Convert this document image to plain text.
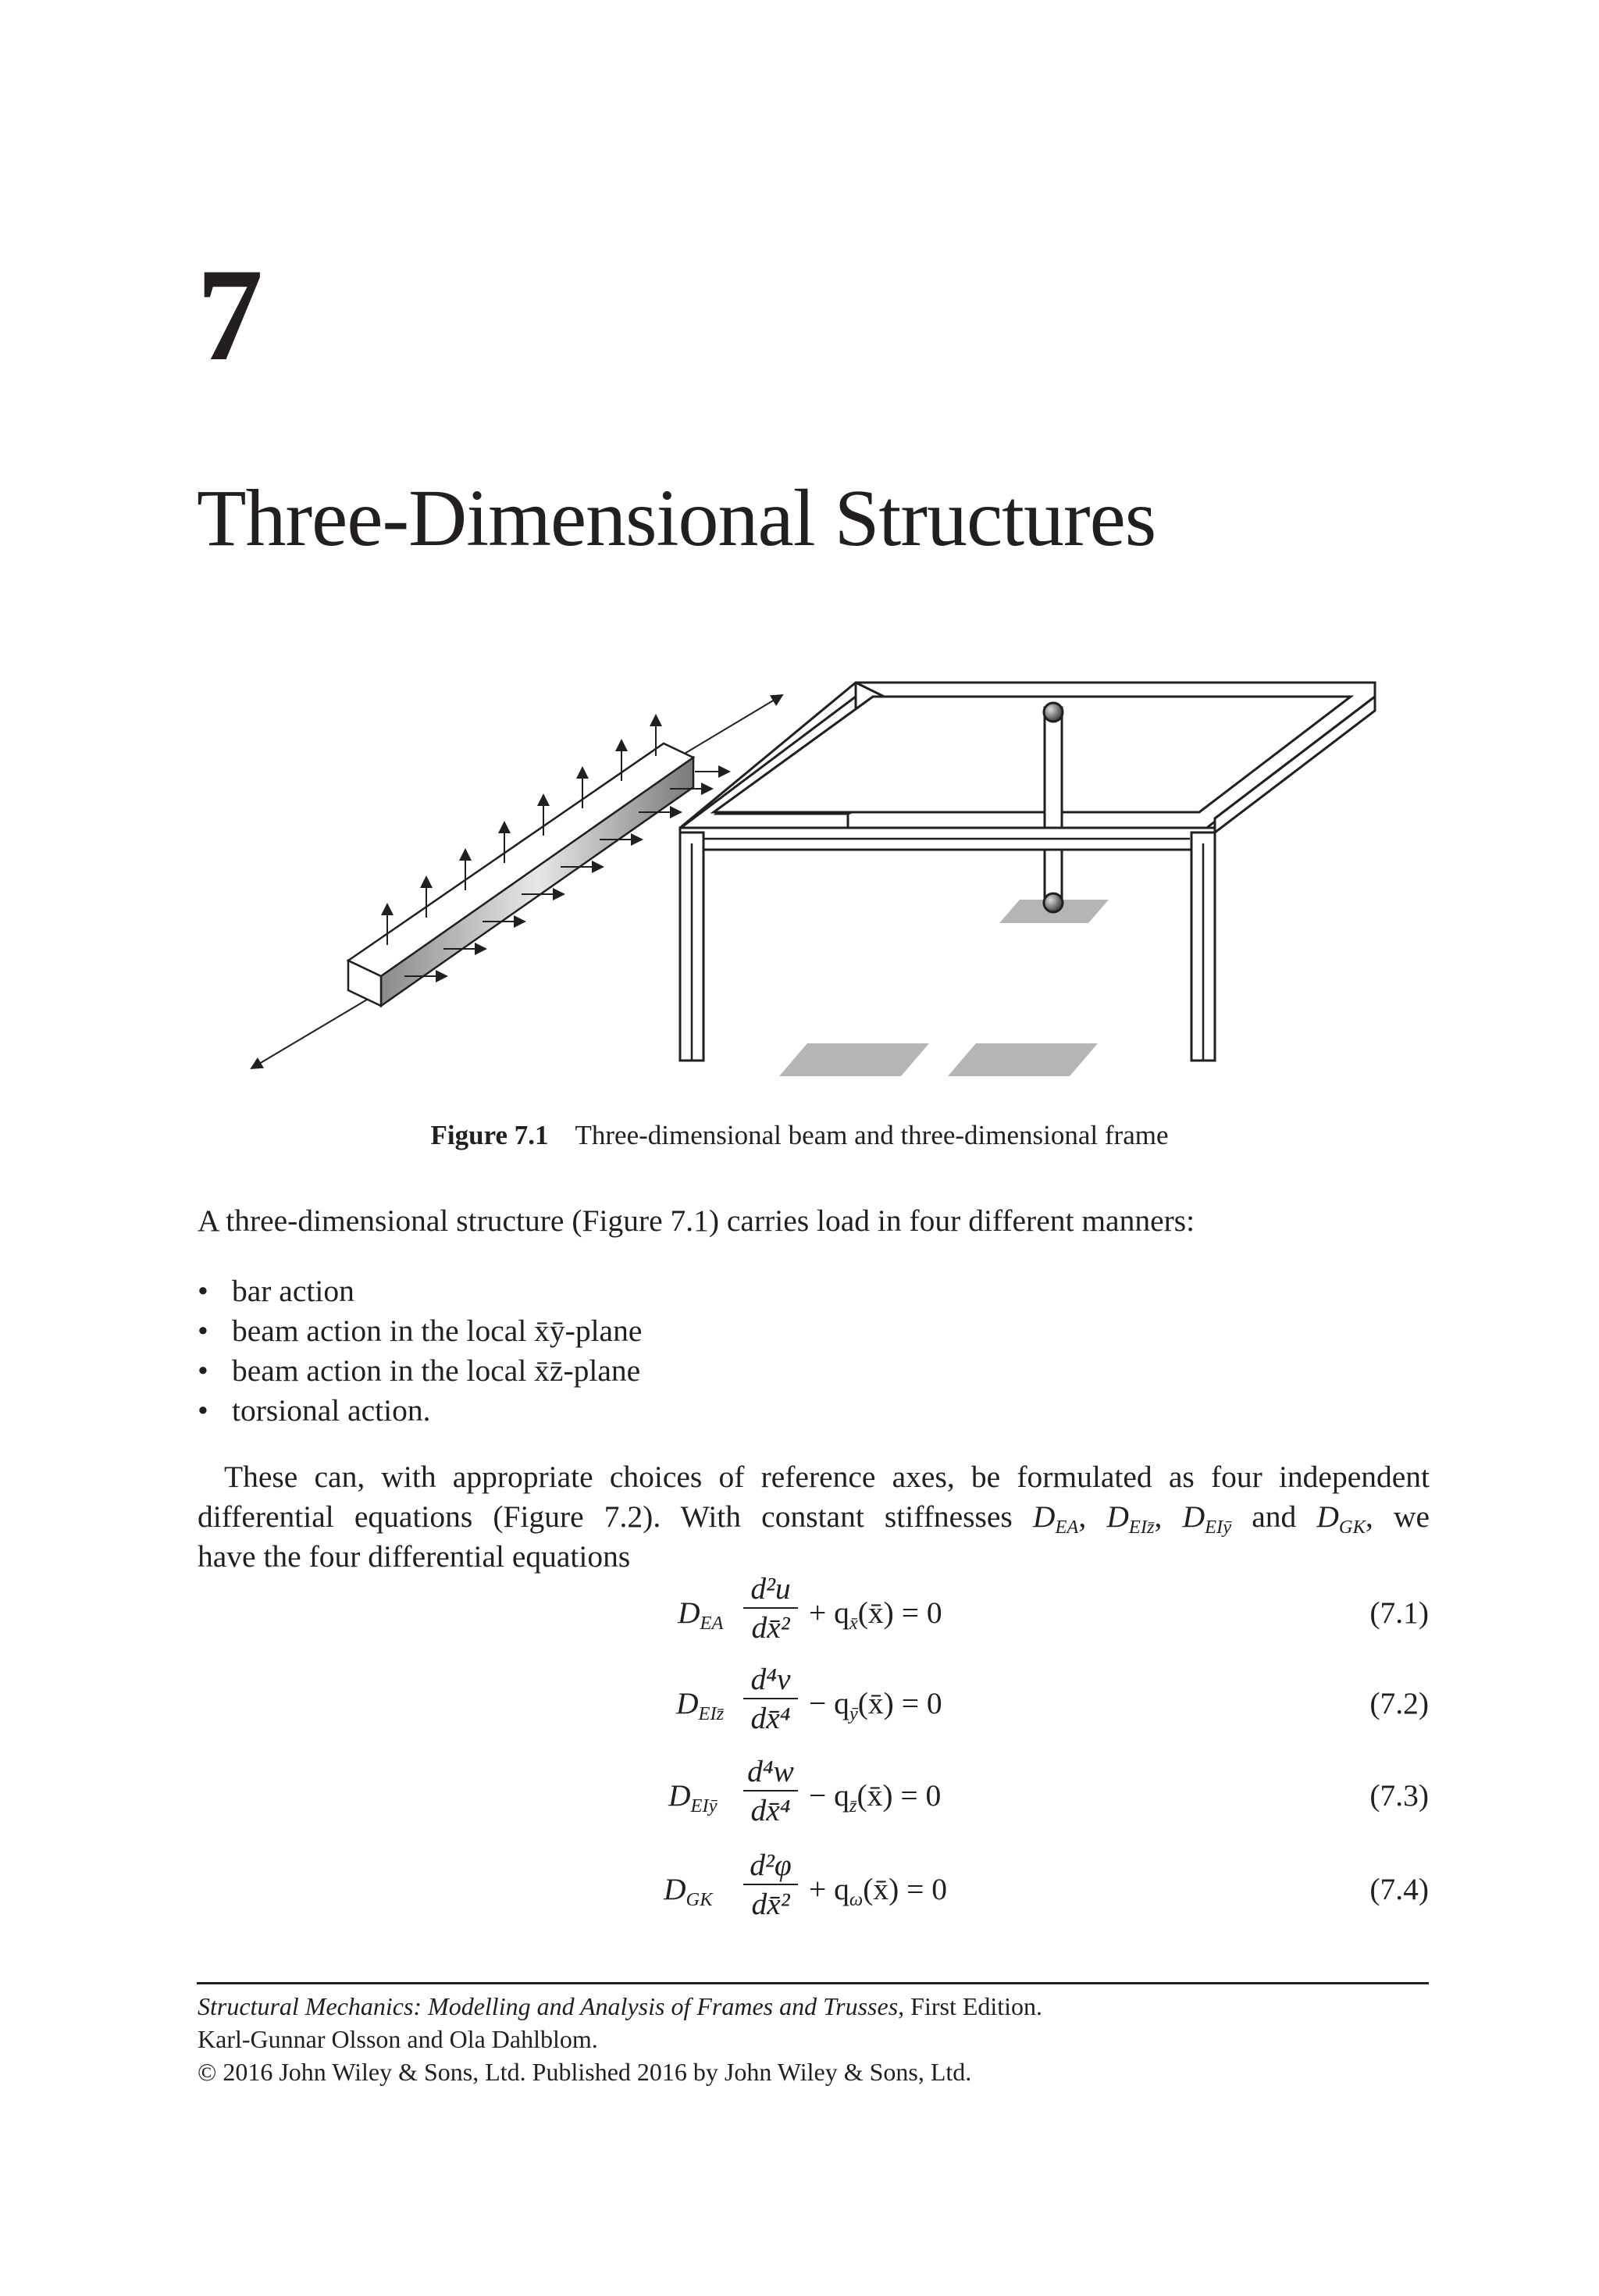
7
Three-Dimensional Structures
Figure 7.1 Three-dimensional beam and three-dimensional frame
A three-dimensional structure (Figure 7.1) carries load in four different manners:
• bar action
• beam action in the local x̄ȳ-plane
• beam action in the local x̄z̄-plane
• torsional action.
These can, with appropriate choices of reference axes, be formulated as four independent
differential equations (Figure 7.2). With constant stiffnesses $D_{EA}$, $D_{EIz̄}$, $D_{EIȳ}$ and $D_{GK}$, we
have the four differential equations
$D_{EA}$
d²u
dx̄² + $q_{x̄}(x̄) = 0$	(7.1)
$D_{EIz̄}$
d⁴v
dx̄⁴ − $q_ȳ(x̄) = 0$	(7.2)
$D_{EIȳ}$
d⁴w
dx̄⁴ − $q_{z̄}(x̄) = 0$	(7.3)
$D_{GK}$
d²φ
dx̄² + $q_\omega(x̄) = 0$	(7.4)
Structural Mechanics: Modelling and Analysis of Frames and Trusses, First Edition.
Karl-Gunnar Olsson and Ola Dahlblom.
© 2016 John Wiley & Sons, Ltd. Published 2016 by John Wiley & Sons, Ltd.
